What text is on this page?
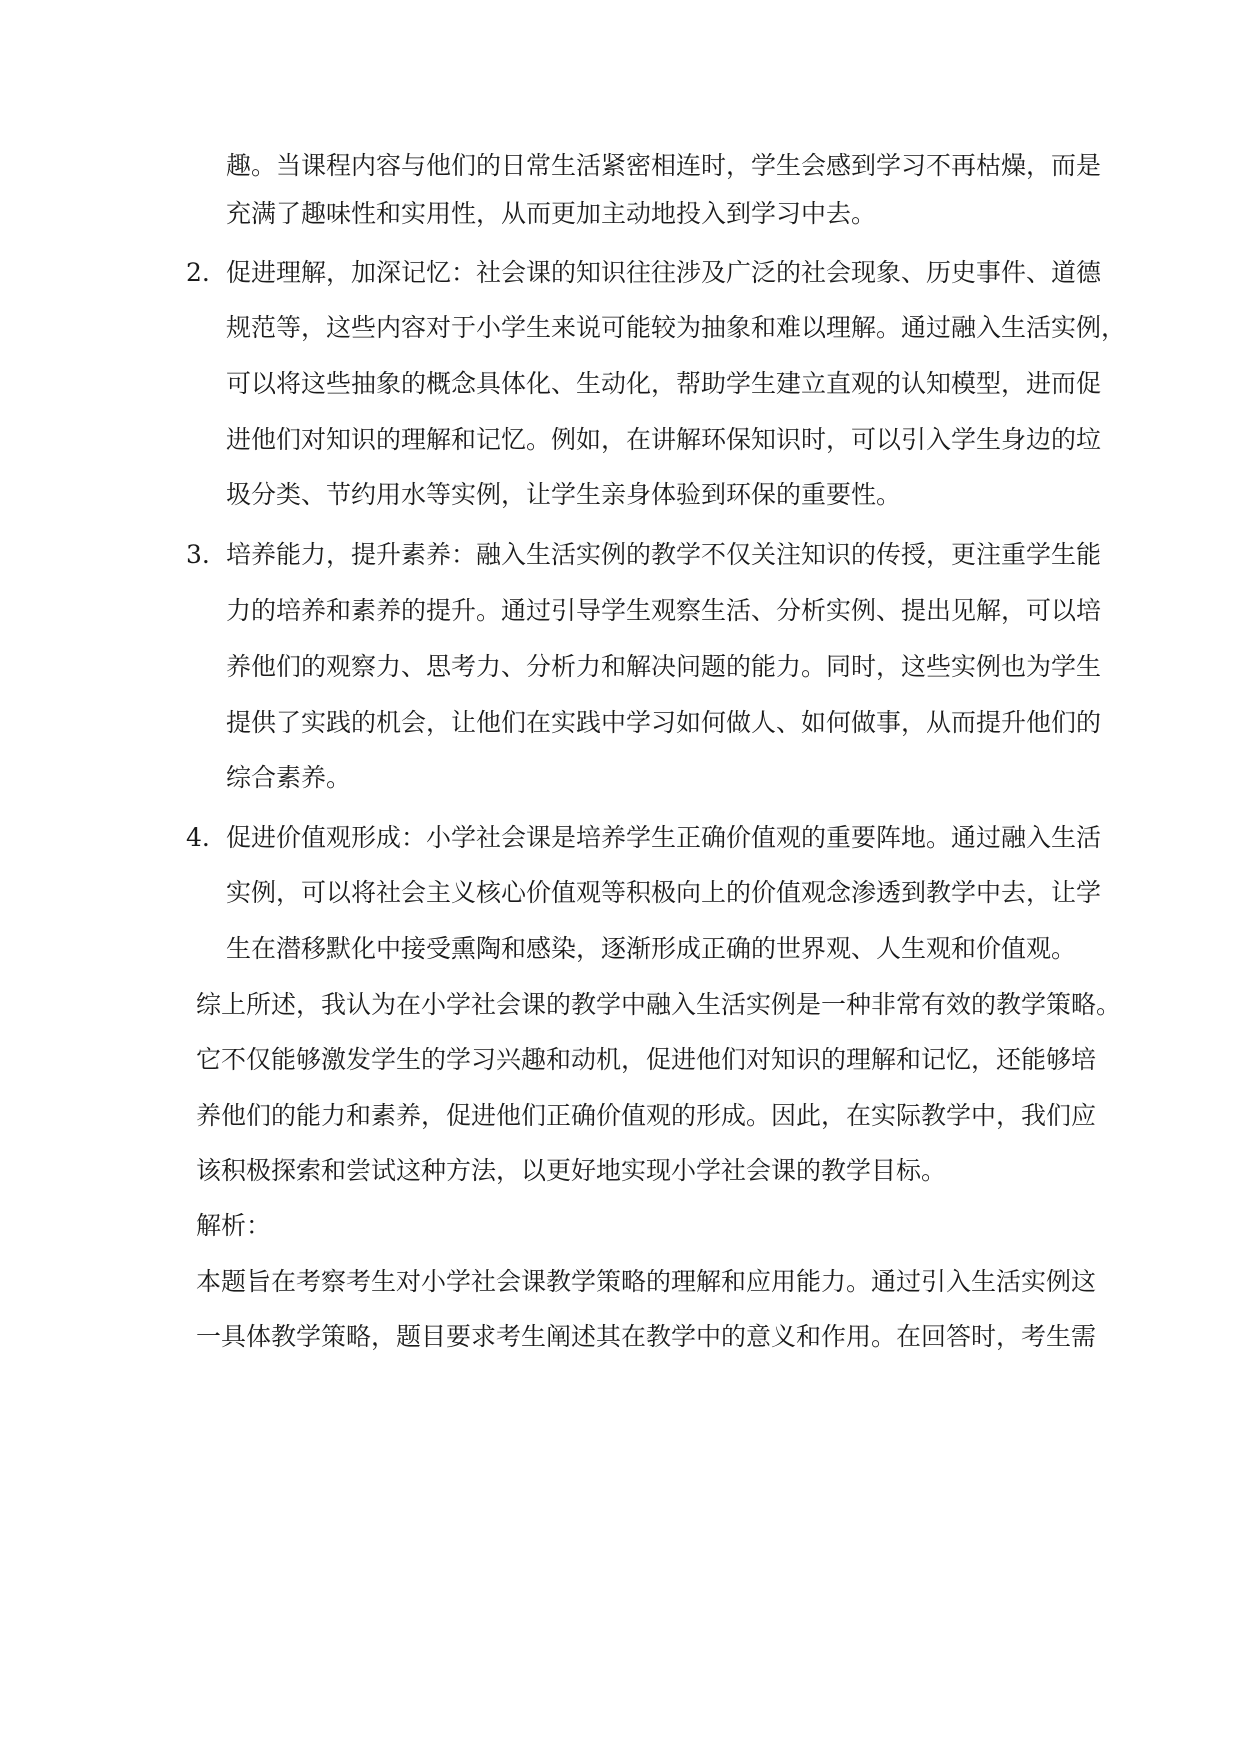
趣。当课程内容与他们的日常生活紧密相连时，学生会感到学习不再枯燥，而是
充满了趣味性和实用性，从而更加主动地投入到学习中去。
2. 促进理解，加深记忆：社会课的知识往往涉及广泛的社会现象、历史事件、道德
规范等，这些内容对于小学生来说可能较为抽象和难以理解。通过融入生活实例，
可以将这些抽象的概念具体化、生动化，帮助学生建立直观的认知模型，进而促
进他们对知识的理解和记忆。例如，在讲解环保知识时，可以引入学生身边的垃
圾分类、节约用水等实例，让学生亲身体验到环保的重要性。
3. 培养能力，提升素养：融入生活实例的教学不仅关注知识的传授，更注重学生能
力的培养和素养的提升。通过引导学生观察生活、分析实例、提出见解，可以培
养他们的观察力、思考力、分析力和解决问题的能力。同时，这些实例也为学生
提供了实践的机会，让他们在实践中学习如何做人、如何做事，从而提升他们的
综合素养。
4. 促进价值观形成：小学社会课是培养学生正确价值观的重要阵地。通过融入生活
实例，可以将社会主义核心价值观等积极向上的价值观念渗透到教学中去，让学
生在潜移默化中接受熏陶和感染，逐渐形成正确的世界观、人生观和价值观。
综上所述，我认为在小学社会课的教学中融入生活实例是一种非常有效的教学策略。
它不仅能够激发学生的学习兴趣和动机，促进他们对知识的理解和记忆，还能够培
养他们的能力和素养，促进他们正确价值观的形成。因此，在实际教学中，我们应
该积极探索和尝试这种方法，以更好地实现小学社会课的教学目标。
解析：
本题旨在考察考生对小学社会课教学策略的理解和应用能力。通过引入生活实例这
一具体教学策略，题目要求考生阐述其在教学中的意义和作用。在回答时，考生需
